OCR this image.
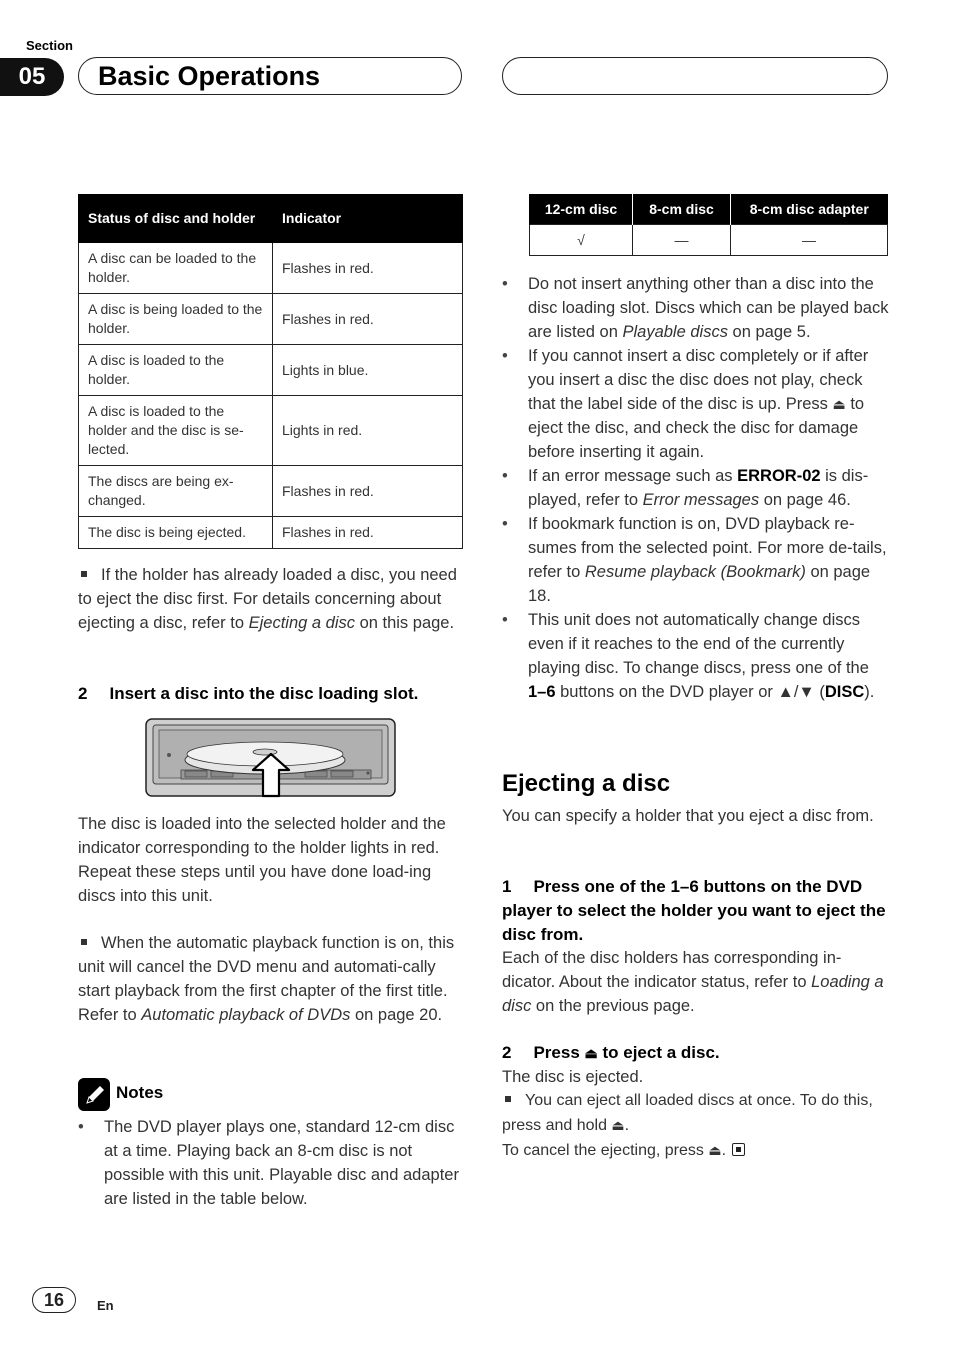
Section
05	Basic Operations
Status of disc and holder	Indicator
A disc can be loaded to the holder.	Flashes in red.
A disc is being loaded to the holder.	Flashes in red.
A disc is loaded to the holder.	Lights in blue.
A disc is loaded to the holder and the disc is se-lected.	Lights in red.
The discs are being ex-changed.	Flashes in red.
The disc is being ejected.	Flashes in red.
If the holder has already loaded a disc, you need to eject the disc first. For details concerning about ejecting a disc, refer to Ejecting a disc on this page.
2 Insert a disc into the disc loading slot.
The disc is loaded into the selected holder and the indicator corresponding to the holder lights in red.
Repeat these steps until you have done load-ing discs into this unit.
When the automatic playback function is on, this unit will cancel the DVD menu and automati-cally start playback from the first chapter of the first title. Refer to Automatic playback of DVDs on page 20.
Notes
• The DVD player plays one, standard 12-cm disc at a time. Playing back an 8-cm disc is not possible with this unit. Playable disc and adapter are listed in the table below.
12-cm disc	8-cm disc	8-cm disc adapter
√	—	—
• Do not insert anything other than a disc into the disc loading slot. Discs which can be played back are listed on Playable discs on page 5.
• If you cannot insert a disc completely or if after you insert a disc the disc does not play, check that the label side of the disc is up. Press ⏏ to eject the disc, and check the disc for damage before inserting it again.
• If an error message such as ERROR-02 is dis-played, refer to Error messages on page 46.
• If bookmark function is on, DVD playback re-sumes from the selected point. For more de-tails, refer to Resume playback (Bookmark) on page 18.
• This unit does not automatically change discs even if it reaches to the end of the currently playing disc. To change discs, press one of the 1–6 buttons on the DVD player or ▲/▼ (DISC).
Ejecting a disc
You can specify a holder that you eject a disc from.
1 Press one of the 1–6 buttons on the DVD player to select the holder you want to eject the disc from.
Each of the disc holders has corresponding in-dicator. About the indicator status, refer to Loading a disc on the previous page.
2 Press ⏏ to eject a disc.
The disc is ejected.
You can eject all loaded discs at once. To do this, press and hold ⏏.
To cancel the ejecting, press ⏏.
16	En
